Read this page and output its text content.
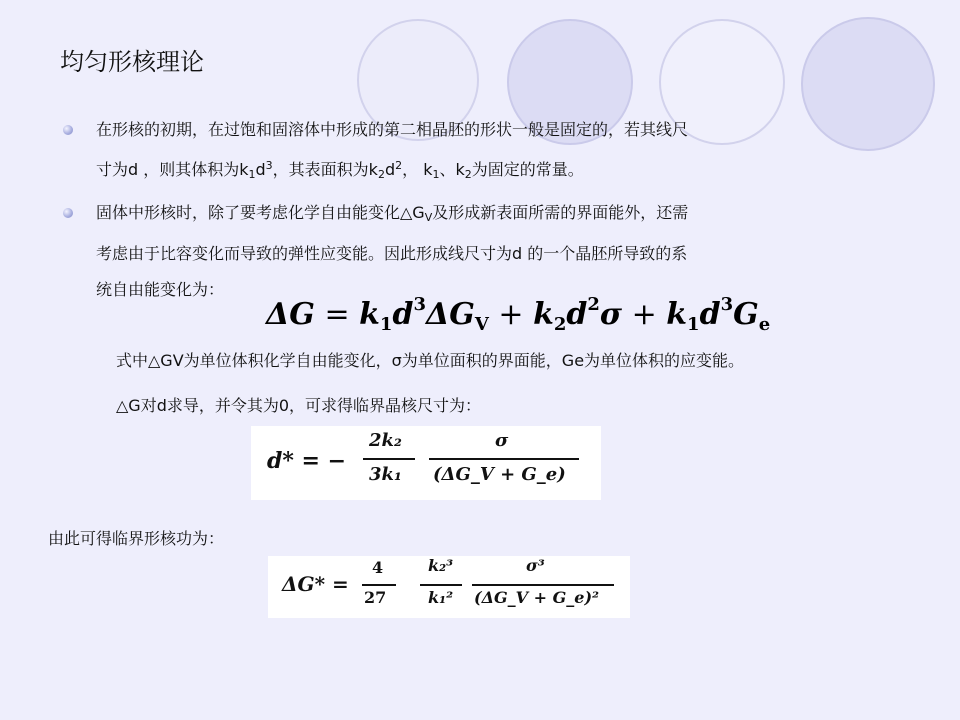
均匀形核理论
在形核的初期，在过饱和固溶体中形成的第二相晶胚的形状一般是固定的，若其线尺
寸为d ，则其体积为$k_1d^3$，其表面积为$k_2d^2$， $k_1$、$k_2$为固定的常量。
固体中形核时，除了要考虑化学自由能变化$\triangle G_V$及形成新表面所需的界面能外，还需
考虑由于比容变化而导致的弹性应变能。因此形成线尺寸为d 的一个晶胚所导致的系
统自由能变化为：
$\Delta G = k_1d^3\Delta G_V + k_2d^2\sigma + k_1d^3G_e$
式中△GV为单位体积化学自由能变化，σ为单位面积的界面能，Ge为单位体积的应变能。
△G对d求导，并令其为0，可求得临界晶核尺寸为：
d* = −
2k₂
3k₁
σ
(ΔG_V + G_e)
由此可得临界形核功为：
ΔG* =
4
27
k₂³
k₁²
σ³
(ΔG_V + G_e)²
